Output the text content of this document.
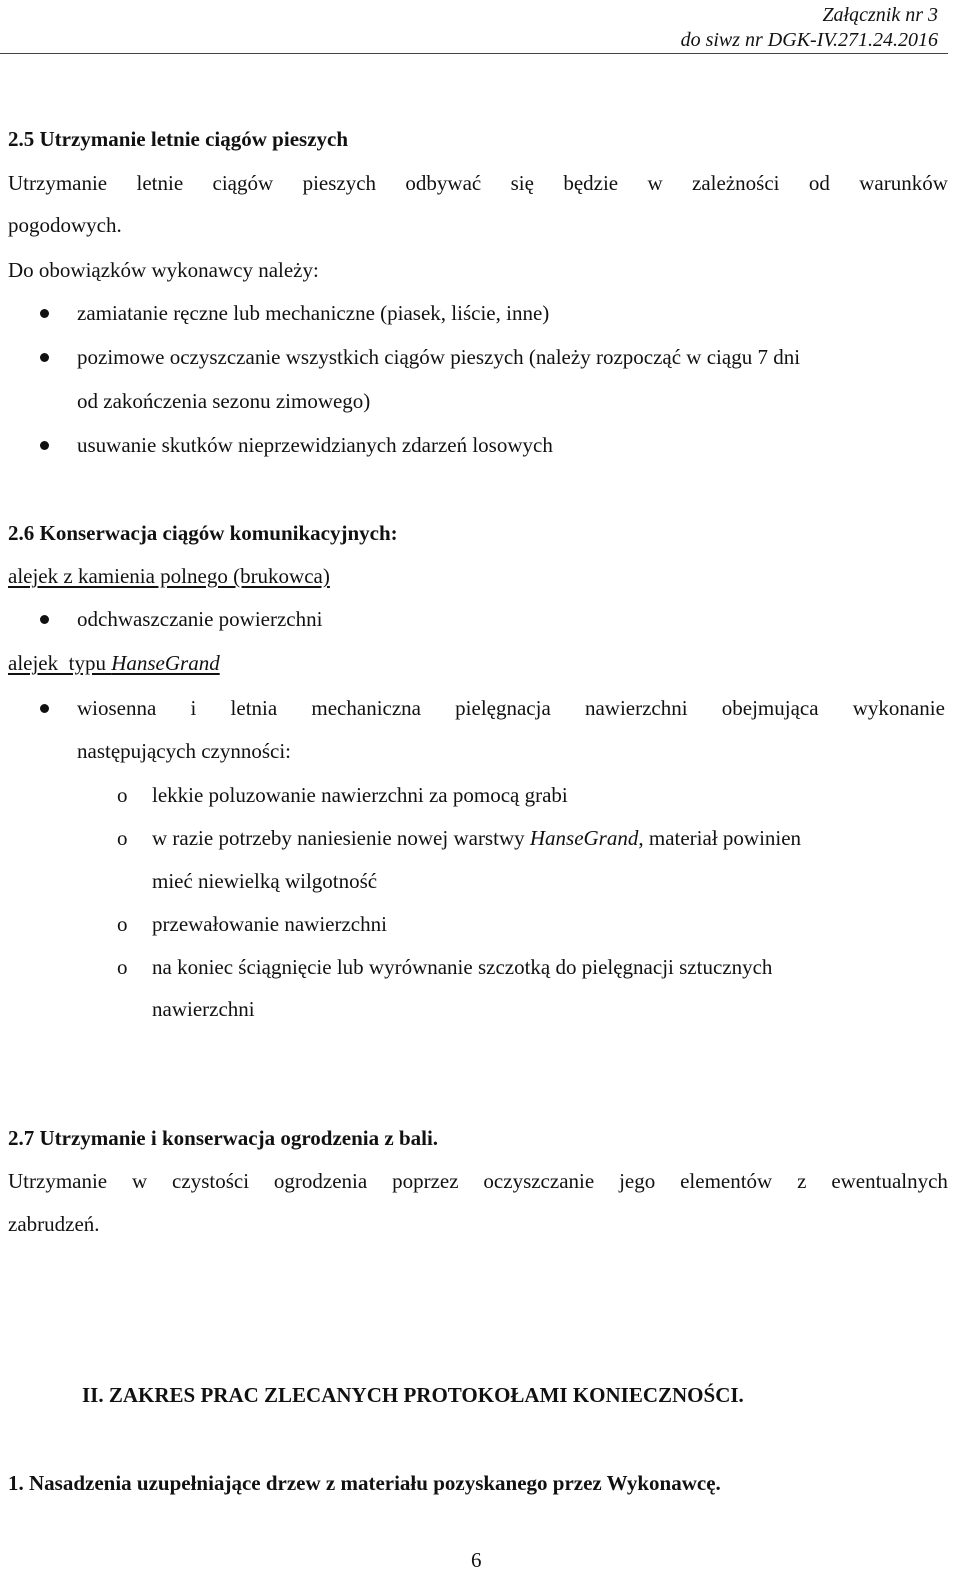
Załącznik nr 3
do siwz nr DGK-IV.271.24.2016
2.5 Utrzymanie letnie ciągów pieszych
Utrzymanie letnie ciągów pieszych odbywać się będzie w zależności od warunków
pogodowych.
Do obowiązków wykonawcy należy:
zamiatanie ręczne lub mechaniczne (piasek, liście, inne)
pozimowe oczyszczanie wszystkich ciągów pieszych (należy rozpocząć w ciągu 7 dni
od zakończenia sezonu zimowego)
usuwanie skutków nieprzewidzianych zdarzeń losowych
2.6 Konserwacja ciągów komunikacyjnych:
alejek z kamienia polnego (brukowca)
odchwaszczanie powierzchni
alejek  typu HanseGrand
wiosenna i letnia mechaniczna pielęgnacja nawierzchni obejmująca wykonanie
następujących czynności:
o lekkie poluzowanie nawierzchni za pomocą grabi
o w razie potrzeby naniesienie nowej warstwy HanseGrand, materiał powinien
mieć niewielką wilgotność
o przewałowanie nawierzchni
o na koniec ściągnięcie lub wyrównanie szczotką do pielęgnacji sztucznych
nawierzchni
2.7 Utrzymanie i konserwacja ogrodzenia z bali.
Utrzymanie w czystości ogrodzenia poprzez oczyszczanie jego elementów z ewentualnych
zabrudzeń.
II. ZAKRES PRAC ZLECANYCH PROTOKOŁAMI KONIECZNOŚCI.
1. Nasadzenia uzupełniające drzew z materiału pozyskanego przez Wykonawcę.
6
